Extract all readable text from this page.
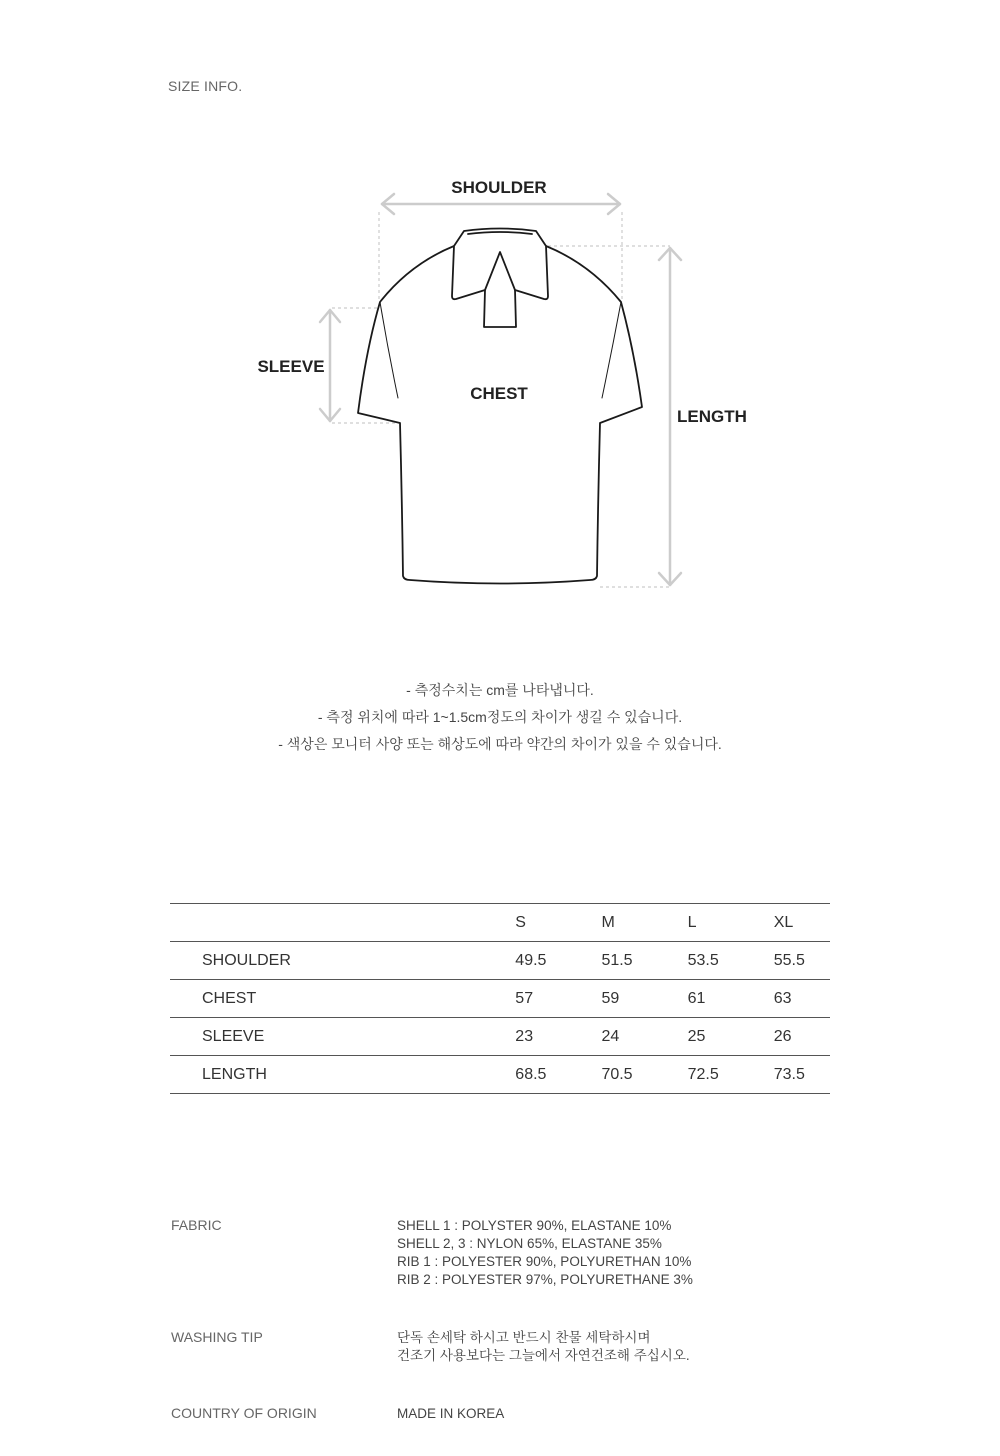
SIZE INFO.
SHOULDER
SLEEVE
CHEST
LENGTH
- 측정수치는 cm를 나타냅니다.
- 측정 위치에 따라 1~1.5cm정도의 차이가 생길 수 있습니다.
- 색상은 모니터 사양 또는 해상도에 따라 약간의 차이가 있을 수 있습니다.
	S	M	L	XL
SHOULDER	49.5	51.5	53.5	55.5
CHEST	57	59	61	63
SLEEVE	23	24	25	26
LENGTH	68.5	70.5	72.5	73.5
FABRIC	SHELL 1 : POLYSTER 90%, ELASTANE 10%
SHELL 2, 3 : NYLON 65%, ELASTANE 35%
RIB 1 : POLYESTER 90%, POLYURETHAN 10%
RIB 2 : POLYESTER 97%, POLYURETHANE 3%
WASHING TIP	단독 손세탁 하시고 반드시 찬물 세탁하시며
건조기 사용보다는 그늘에서 자연건조해 주십시오.
COUNTRY OF ORIGIN	MADE IN KOREA
